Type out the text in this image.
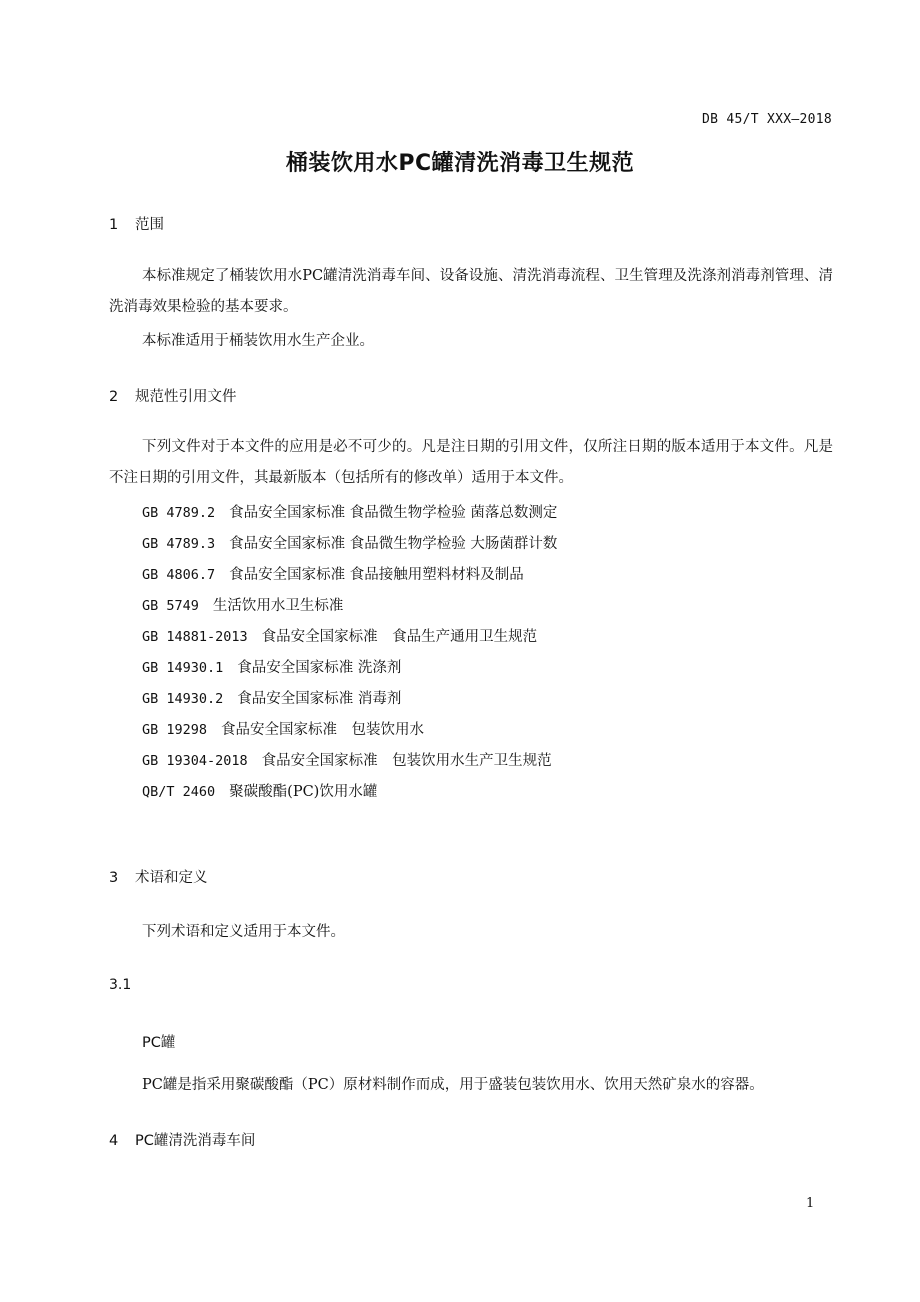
DB 45/T XXX—2018
桶装饮用水PC罐清洗消毒卫生规范
1 范围
本标准规定了桶装饮用水PC罐清洗消毒车间、设备设施、清洗消毒流程、卫生管理及洗涤剂消毒剂管理、清洗消毒效果检验的基本要求。
本标准适用于桶装饮用水生产企业。
2 规范性引用文件
下列文件对于本文件的应用是必不可少的。凡是注日期的引用文件，仅所注日期的版本适用于本文件。凡是不注日期的引用文件，其最新版本（包括所有的修改单）适用于本文件。
GB 4789.2 食品安全国家标准 食品微生物学检验 菌落总数测定
GB 4789.3 食品安全国家标准 食品微生物学检验 大肠菌群计数
GB 4806.7 食品安全国家标准 食品接触用塑料材料及制品
GB 5749 生活饮用水卫生标准
GB 14881-2013 食品安全国家标准　食品生产通用卫生规范
GB 14930.1 食品安全国家标准 洗涤剂
GB 14930.2 食品安全国家标准 消毒剂
GB 19298 食品安全国家标准　包装饮用水
GB 19304-2018 食品安全国家标准　包装饮用水生产卫生规范
QB/T 2460 聚碳酸酯(PC)饮用水罐
3 术语和定义
下列术语和定义适用于本文件。
3.1
PC罐
PC罐是指采用聚碳酸酯（PC）原材料制作而成，用于盛装包装饮用水、饮用天然矿泉水的容器。
4 PC罐清洗消毒车间
1
